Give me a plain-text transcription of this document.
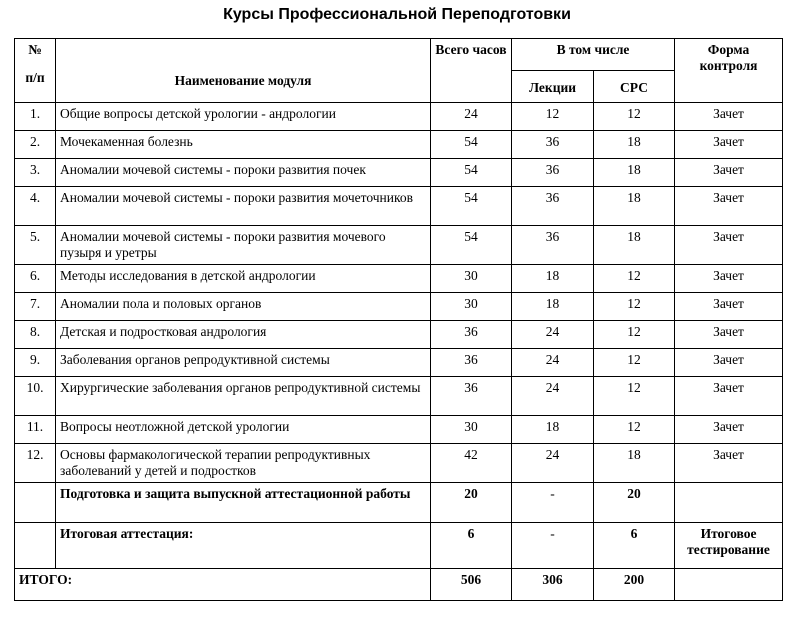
Курсы Профессиональной Переподготовки
№
п/п	Наименование модуля	Всего часов	В том числе		Форма контроля
			Лекции	СРС	
1.	Общие вопросы детской урологии - андрологии	24	12	12	Зачет
2.	Мочекаменная болезнь	54	36	18	Зачет
3.	Аномалии мочевой системы - пороки развития почек	54	36	18	Зачет
4.	Аномалии мочевой системы - пороки развития мочеточников	54	36	18	Зачет
5.	Аномалии мочевой системы - пороки развития мочевого пузыря и уретры	54	36	18	Зачет
6.	Методы исследования в детской андрологии	30	18	12	Зачет
7.	Аномалии пола и половых органов	30	18	12	Зачет
8.	Детская и подростковая андрология	36	24	12	Зачет
9.	Заболевания органов репродуктивной системы	36	24	12	Зачет
10.	Хирургические заболевания органов репродуктивной системы	36	24	12	Зачет
11.	Вопросы неотложной детской урологии	30	18	12	Зачет
12.	Основы фармакологической терапии репродуктивных заболеваний у детей и подростков	42	24	18	Зачет
	Подготовка и защита выпускной аттестационной работы	20	-	20	
	Итоговая аттестация:	6	-	6	Итоговое тестирование
ИТОГО:		506	306	200	
